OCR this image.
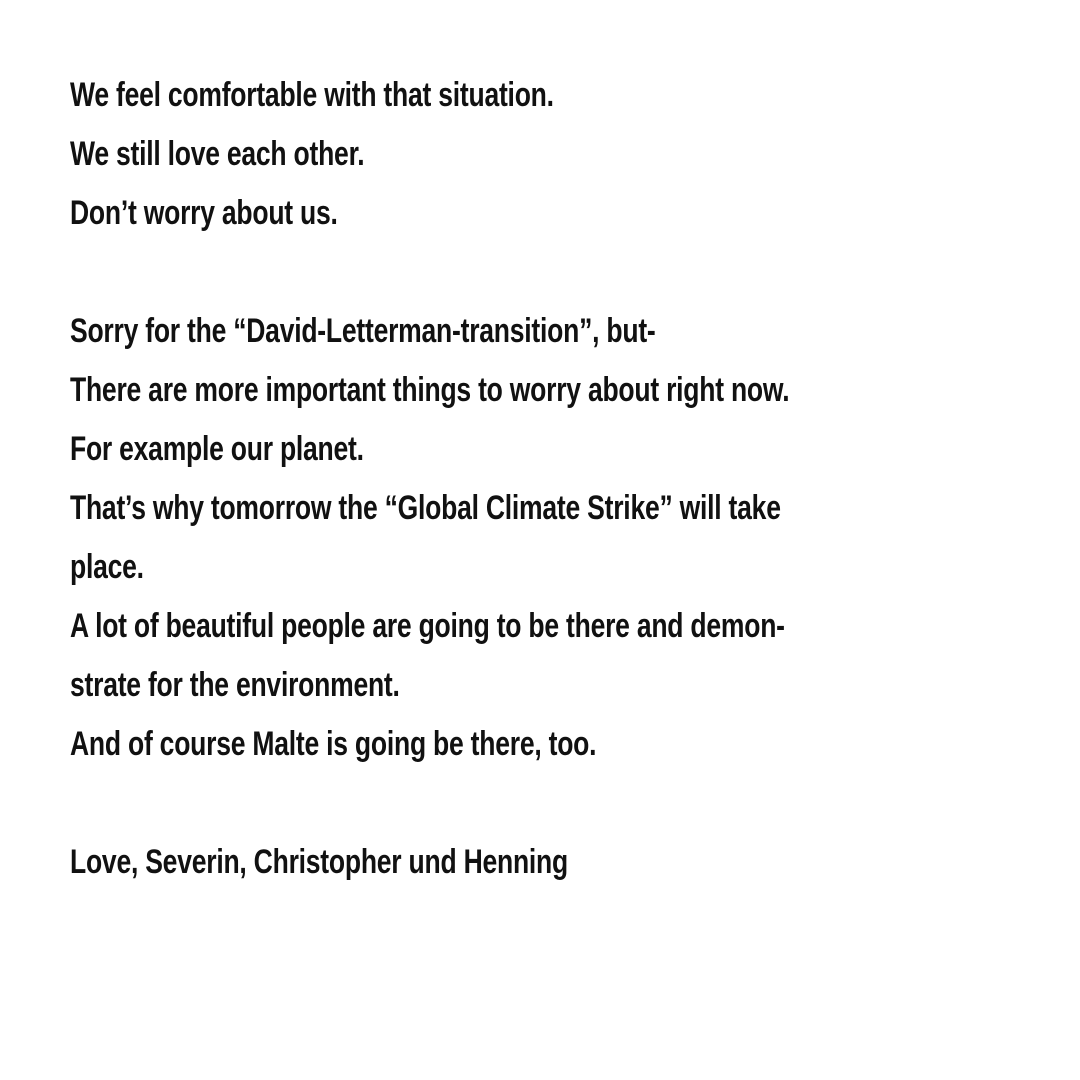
We feel comfortable with that situation.
We still love each other.
Don’t worry about us.
Sorry for the “David-Letterman-transition”, but-
There are more important things to worry about right now.
For example our planet.
That’s why tomorrow the “Global Climate Strike” will take
place.
A lot of beautiful people are going to be there and demon-
strate for the environment.
And of course Malte is going be there, too.
Love, Severin, Christopher und Henning
